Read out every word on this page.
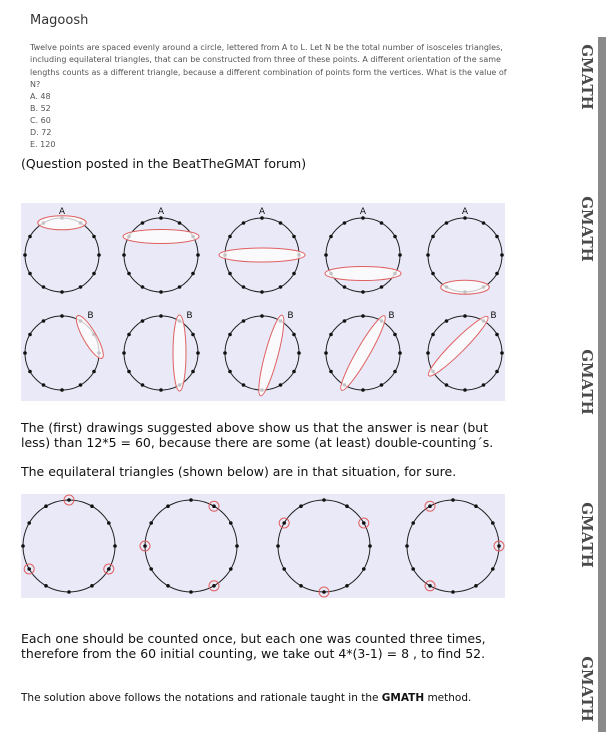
Magoosh
Twelve points are spaced evenly around a circle, lettered from A to L. Let N be the total number of isosceles triangles, including equilateral triangles, that can be constructed from three of these points. A different orientation of the same lengths counts as a different triangle, because a different combination of points form the vertices. What is the value of N?
A. 48
B. 52
C. 60
D. 72
E. 120
(Question posted in the BeatTheGMAT forum)
A	A	A	A	A
B	B	B	B	B
The (first) drawings suggested above show us that the answer is near (but less) than 12*5 = 60, because there are some (at least) double-counting´s.
The equilateral triangles (shown below) are in that situation, for sure.
Each one should be counted once, but each one was counted three times, therefore from the 60 initial counting, we take out 4*(3-1) = 8 , to find 52.
The solution above follows the notations and rationale taught in the GMATH method.
GMATH
GMATH
GMATH
GMATH
GMATH
